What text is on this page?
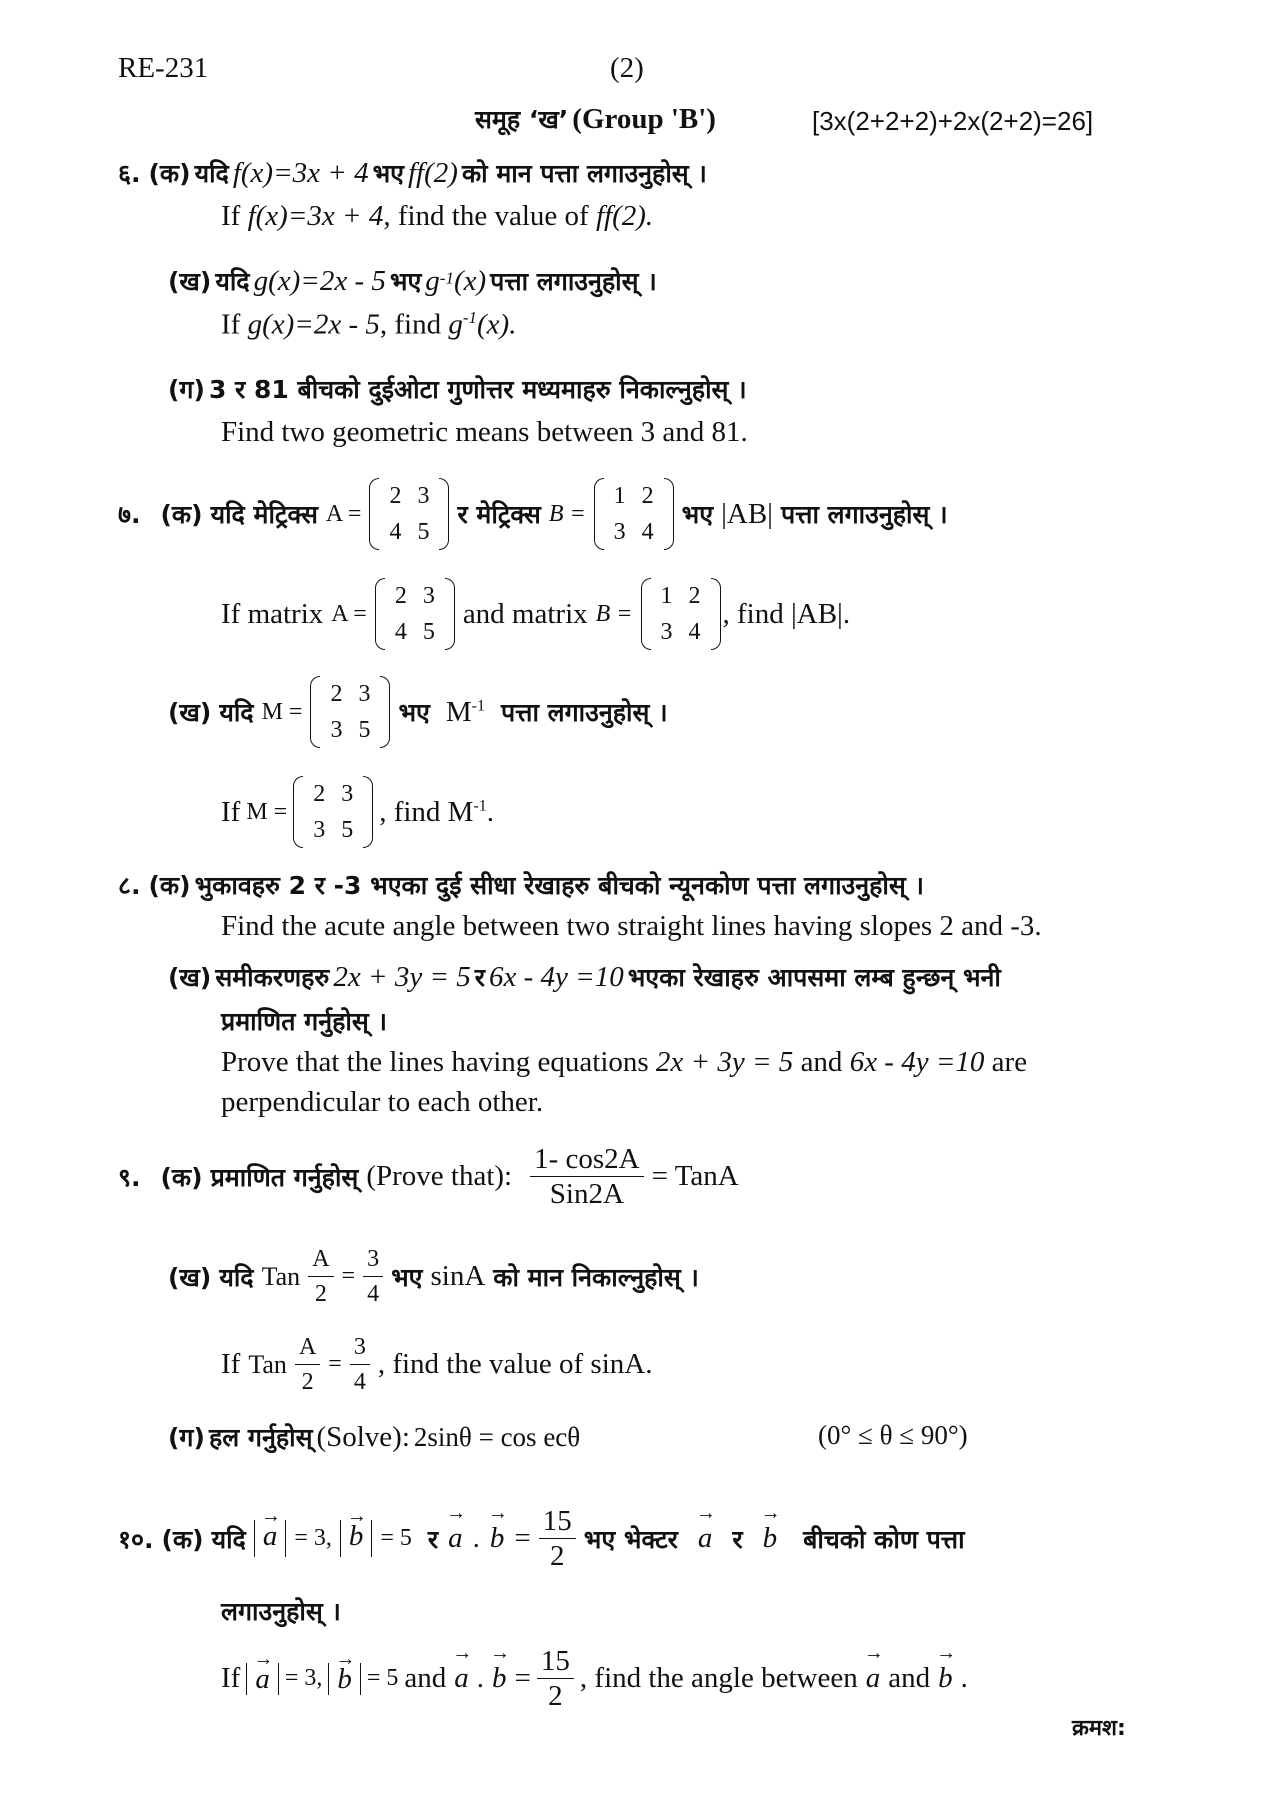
RE-231	(2)
समूह ‘ख’ (Group 'B')	[3x(2+2+2)+2x(2+2)=26]
६. (क) यदि f(x)=3x + 4 भए ff(2) को मान पत्ता लगाउनुहोस् ।
If f(x)=3x + 4, find the value of ff(2).
(ख) यदि g(x)=2x - 5 भए $g^{-1}(x)$ पत्ता लगाउनुहोस् ।
If g(x)=2x - 5, find $g^{-1}(x)$.
(ग) 3 र 81 बीचको दुईओटा गुणोत्तर मध्यमाहरु निकाल्नुहोस् ।
Find two geometric means between 3 and 81.
७.
(क) यदि मेट्रिक्स A =
2	3
4	5
र मेट्रिक्स B =
1	2
3	4
भए |AB| पत्ता लगाउनुहोस् ।
If matrix A =
2	3
4	5
and matrix B =
1	2
3	4
, find |AB|.
(ख) यदि M =
2	3
3	5
भए $M^{-1}$ पत्ता लगाउनुहोस् ।
If M =
2	3
3	5
, find $M^{-1}$.
८. (क) भुकावहरु 2 र -3 भएका दुई सीधा रेखाहरु बीचको न्यूनकोण पत्ता लगाउनुहोस् ।
Find the acute angle between two straight lines having slopes 2 and -3.
(ख) समीकरणहरु 2x + 3y = 5 र 6x - 4y =10 भएका रेखाहरु आपसमा लम्ब हुन्छन् भनी
प्रमाणित गर्नुहोस् ।
Prove that the lines having equations 2x + 3y = 5 and 6x - 4y =10 are
perpendicular to each other.
९.
(क) प्रमाणित गर्नुहोस् (Prove that): $\frac{1- \cos 2A}{\text{Sin2A}}$ = TanA
(ख) यदि Tan $\frac{A}{2} = \frac{3}{4}$ भए sinA को मान निकाल्नुहोस् ।
If Tan $\frac{A}{2} = \frac{3}{4}$ , find the value of sinA.
(ग) हल गर्नुहोस् (Solve): 2sinθ = cos ecθ	(0° ≤ θ ≤ 90°)
१०. (क) यदि → a = 3, → b = 5 र → a . → $b = \frac{15}{2}$ भए भेक्टर → a र → b बीचको कोण पत्ता
लगाउनुहोस् ।
If → a = 3, → b = 5 and → a . → $b = \frac{15}{2}$ , find the angle between → a and → b .
क्रमश:
